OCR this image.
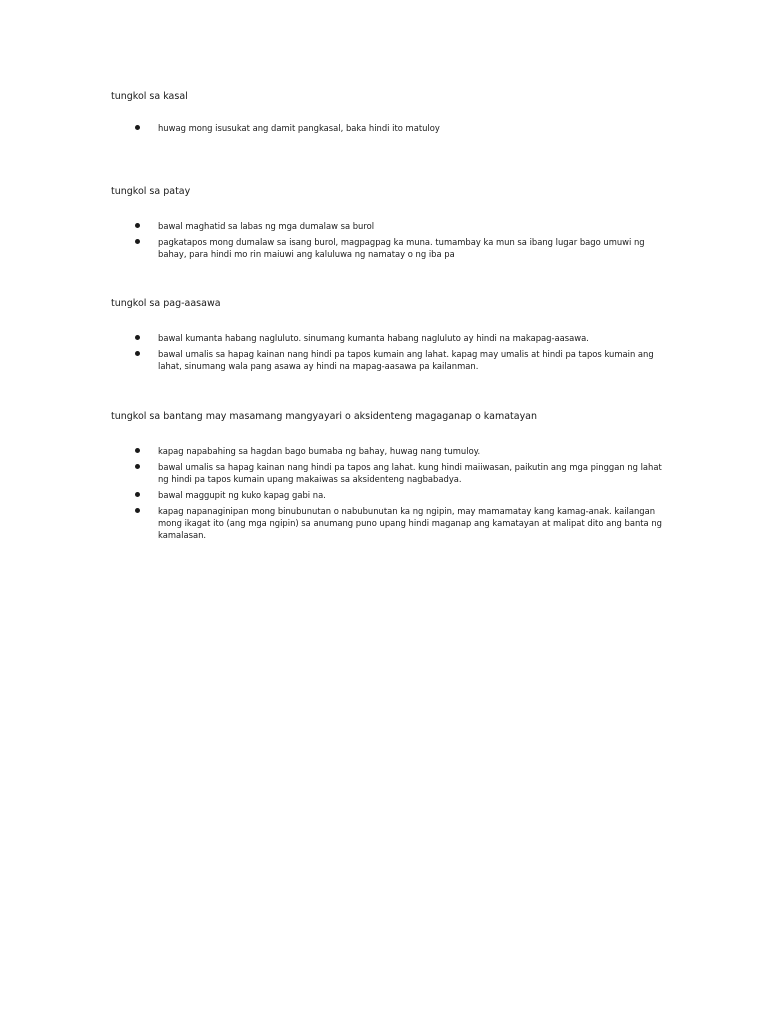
tungkol sa kasal
huwag mong isusukat ang damit pangkasal, baka hindi ito matuloy
tungkol sa patay
bawal maghatid sa labas ng mga dumalaw sa burol
pagkatapos mong dumalaw sa isang burol, magpagpag ka muna. tumambay ka mun sa ibang lugar bago umuwi ng bahay, para hindi mo rin maiuwi ang kaluluwa ng namatay o ng iba pa
tungkol sa pag-aasawa
bawal kumanta habang nagluluto. sinumang kumanta habang nagluluto ay hindi na makapag-aasawa.
bawal umalis sa hapag kainan nang hindi pa tapos kumain ang lahat. kapag may umalis at hindi pa tapos kumain ang lahat, sinumang wala pang asawa ay hindi na mapag-aasawa pa kailanman.
tungkol sa bantang may masamang mangyayari o aksidenteng magaganap o kamatayan
kapag napabahing sa hagdan bago bumaba ng bahay, huwag nang tumuloy.
bawal umalis sa hapag kainan nang hindi pa tapos ang lahat. kung hindi maiiwasan, paikutin ang mga pinggan ng lahat ng hindi pa tapos kumain upang makaiwas sa aksidenteng nagbabadya.
bawal maggupit ng kuko kapag gabi na.
kapag napanaginipan mong binubunutan o nabubunutan ka ng ngipin, may mamamatay kang kamag-anak. kailangan mong ikagat ito (ang mga ngipin) sa anumang puno upang hindi maganap ang kamatayan at malipat dito ang banta ng kamalasan.
